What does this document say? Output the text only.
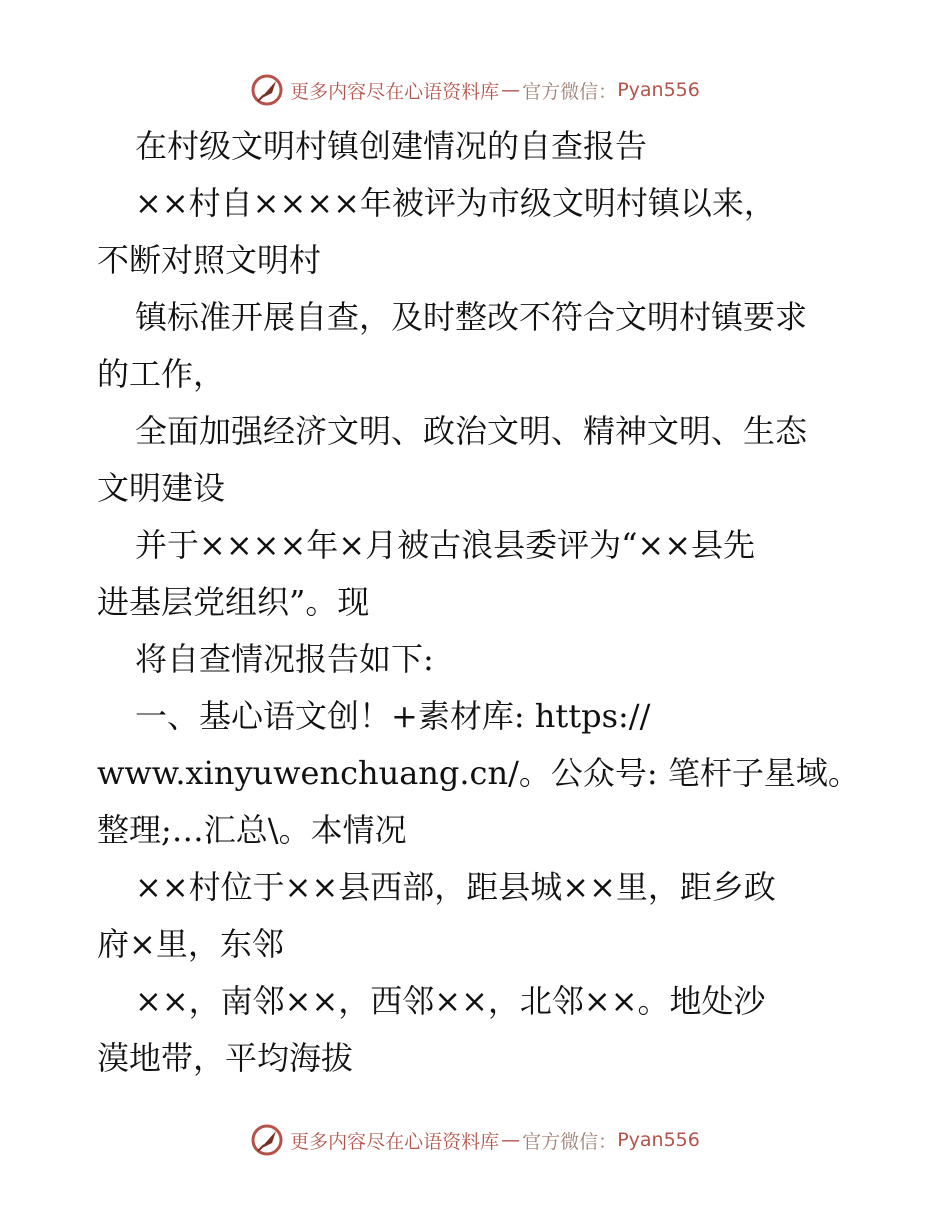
更多内容尽在心语资料库 — 官方微信： Pyan556
在村级文明村镇创建情况的自查报告
××村自××××年被评为市级文明村镇以来，
不断对照文明村
镇标准开展自查，及时整改不符合文明村镇要求
的工作，
全面加强经济文明、政治文明、精神文明、生态
文明建设
并于××××年×月被古浪县委评为“××县先
进基层党组织”。现
将自查情况报告如下:
一、基心语文创！+素材库: https://
www.xinyuwenchuang.cn/。公众号: 笔杆子星域。
整理;…汇总\。本情况
××村位于××县西部，距县城××里，距乡政
府×里，东邻
××，南邻××，西邻××，北邻××。地处沙
漠地带，平均海拔
更多内容尽在心语资料库 — 官方微信： Pyan556
